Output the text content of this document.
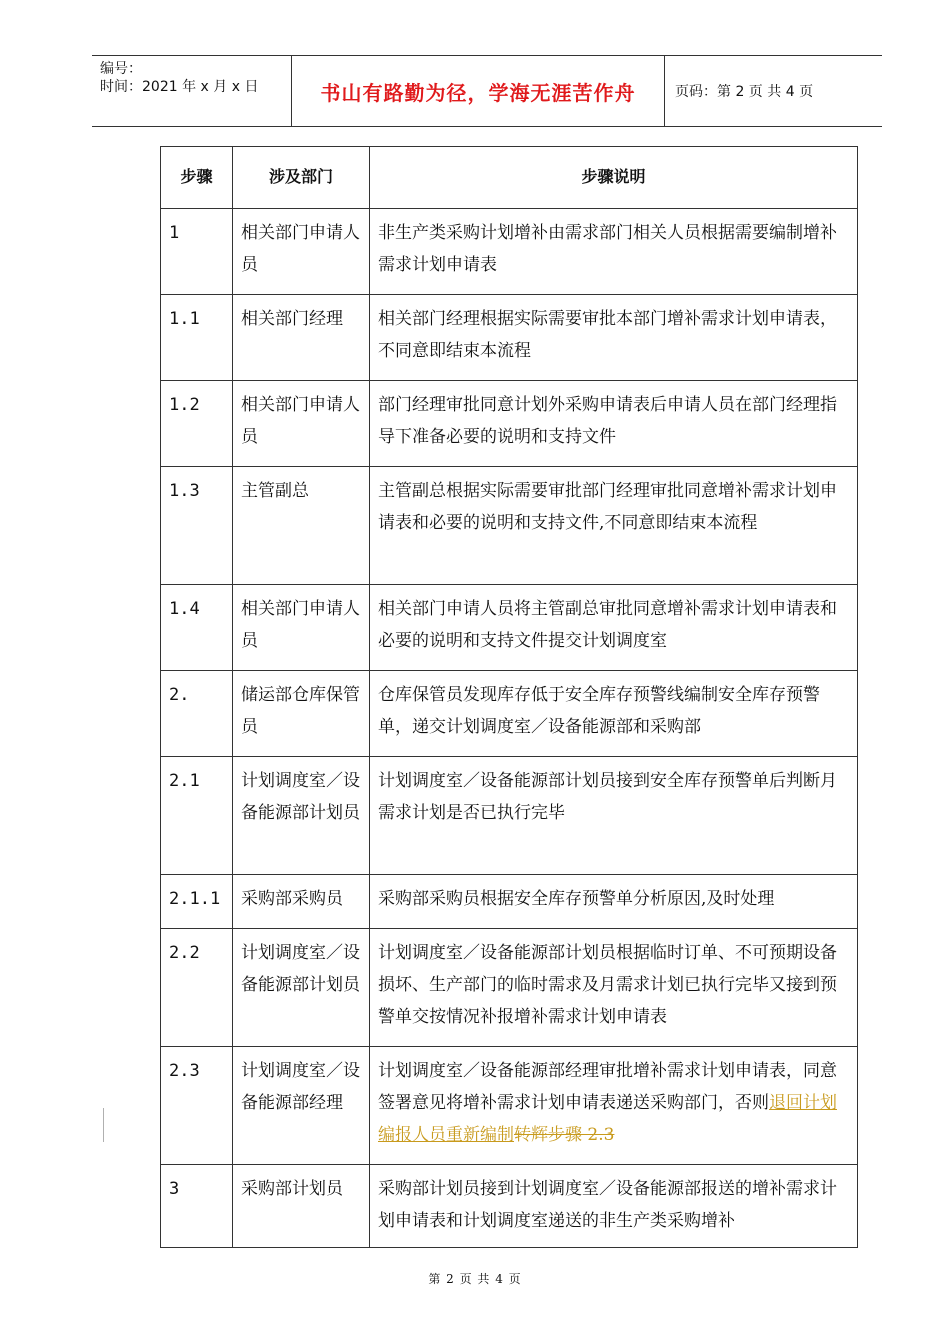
编号：
时间：2021 年 x 月 x 日	书山有路勤为径，学海无涯苦作舟	页码：第 2 页 共 4 页
步骤	涉及部门	步骤说明
1	相关部门申请人员	非生产类采购计划增补由需求部门相关人员根据需要编制增补需求计划申请表
1.1	相关部门经理	相关部门经理根据实际需要审批本部门增补需求计划申请表，不同意即结束本流程
1.2	相关部门申请人员	部门经理审批同意计划外采购申请表后申请人员在部门经理指导下准备必要的说明和支持文件
1.3	主管副总	主管副总根据实际需要审批部门经理审批同意增补需求计划申请表和必要的说明和支持文件,不同意即结束本流程
1.4	相关部门申请人员	相关部门申请人员将主管副总审批同意增补需求计划申请表和必要的说明和支持文件提交计划调度室
2.	储运部仓库保管员	仓库保管员发现库存低于安全库存预警线编制安全库存预警单，递交计划调度室／设备能源部和采购部
2.1	计划调度室／设备能源部计划员	计划调度室／设备能源部计划员接到安全库存预警单后判断月需求计划是否已执行完毕
2.1.1	采购部采购员	采购部采购员根据安全库存预警单分析原因,及时处理
2.2	计划调度室／设备能源部计划员	计划调度室／设备能源部计划员根据临时订单、不可预期设备损坏、生产部门的临时需求及月需求计划已执行完毕又接到预警单交按情况补报增补需求计划申请表
2.3	计划调度室／设备能源部经理	计划调度室／设备能源部经理审批增补需求计划申请表，同意签署意见将增补需求计划申请表递送采购部门，否则退回计划编报人员重新编制转辉步骤 2.3
3	采购部计划员	采购部计划员接到计划调度室／设备能源部报送的增补需求计划申请表和计划调度室递送的非生产类采购增补
第 2 页 共 4 页
